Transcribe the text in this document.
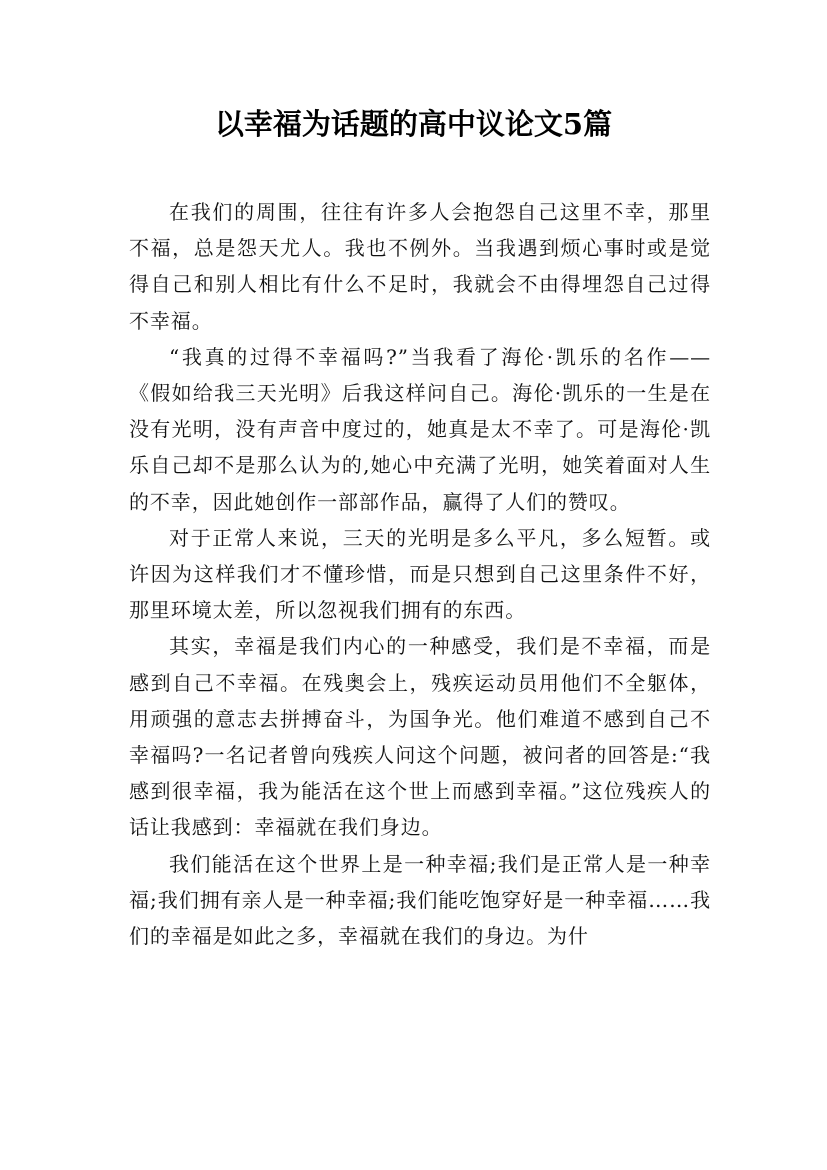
以幸福为话题的高中议论文5篇

在我们的周围，往往有许多人会抱怨自己这里不幸，那里不福，总是怨天尤人。我也不例外。当我遇到烦心事时或是觉得自己和别人相比有什么不足时，我就会不由得埋怨自己过得不幸福。

“我真的过得不幸福吗?”当我看了海伦·凯乐的名作——《假如给我三天光明》后我这样问自己。海伦·凯乐的一生是在没有光明，没有声音中度过的，她真是太不幸了。可是海伦·凯乐自己却不是那么认为的,她心中充满了光明，她笑着面对人生的不幸，因此她创作一部部作品，赢得了人们的赞叹。

对于正常人来说，三天的光明是多么平凡，多么短暂。或许因为这样我们才不懂珍惜，而是只想到自己这里条件不好，那里环境太差，所以忽视我们拥有的东西。

其实，幸福是我们内心的一种感受，我们是不幸福，而是感到自己不幸福。在残奥会上，残疾运动员用他们不全躯体，用顽强的意志去拼搏奋斗，为国争光。他们难道不感到自己不幸福吗?一名记者曾向残疾人问这个问题，被问者的回答是:“我感到很幸福，我为能活在这个世上而感到幸福。”这位残疾人的话让我感到：幸福就在我们身边。

我们能活在这个世界上是一种幸福;我们是正常人是一种幸福;我们拥有亲人是一种幸福;我们能吃饱穿好是一种幸福……我们的幸福是如此之多，幸福就在我们的身边。为什
